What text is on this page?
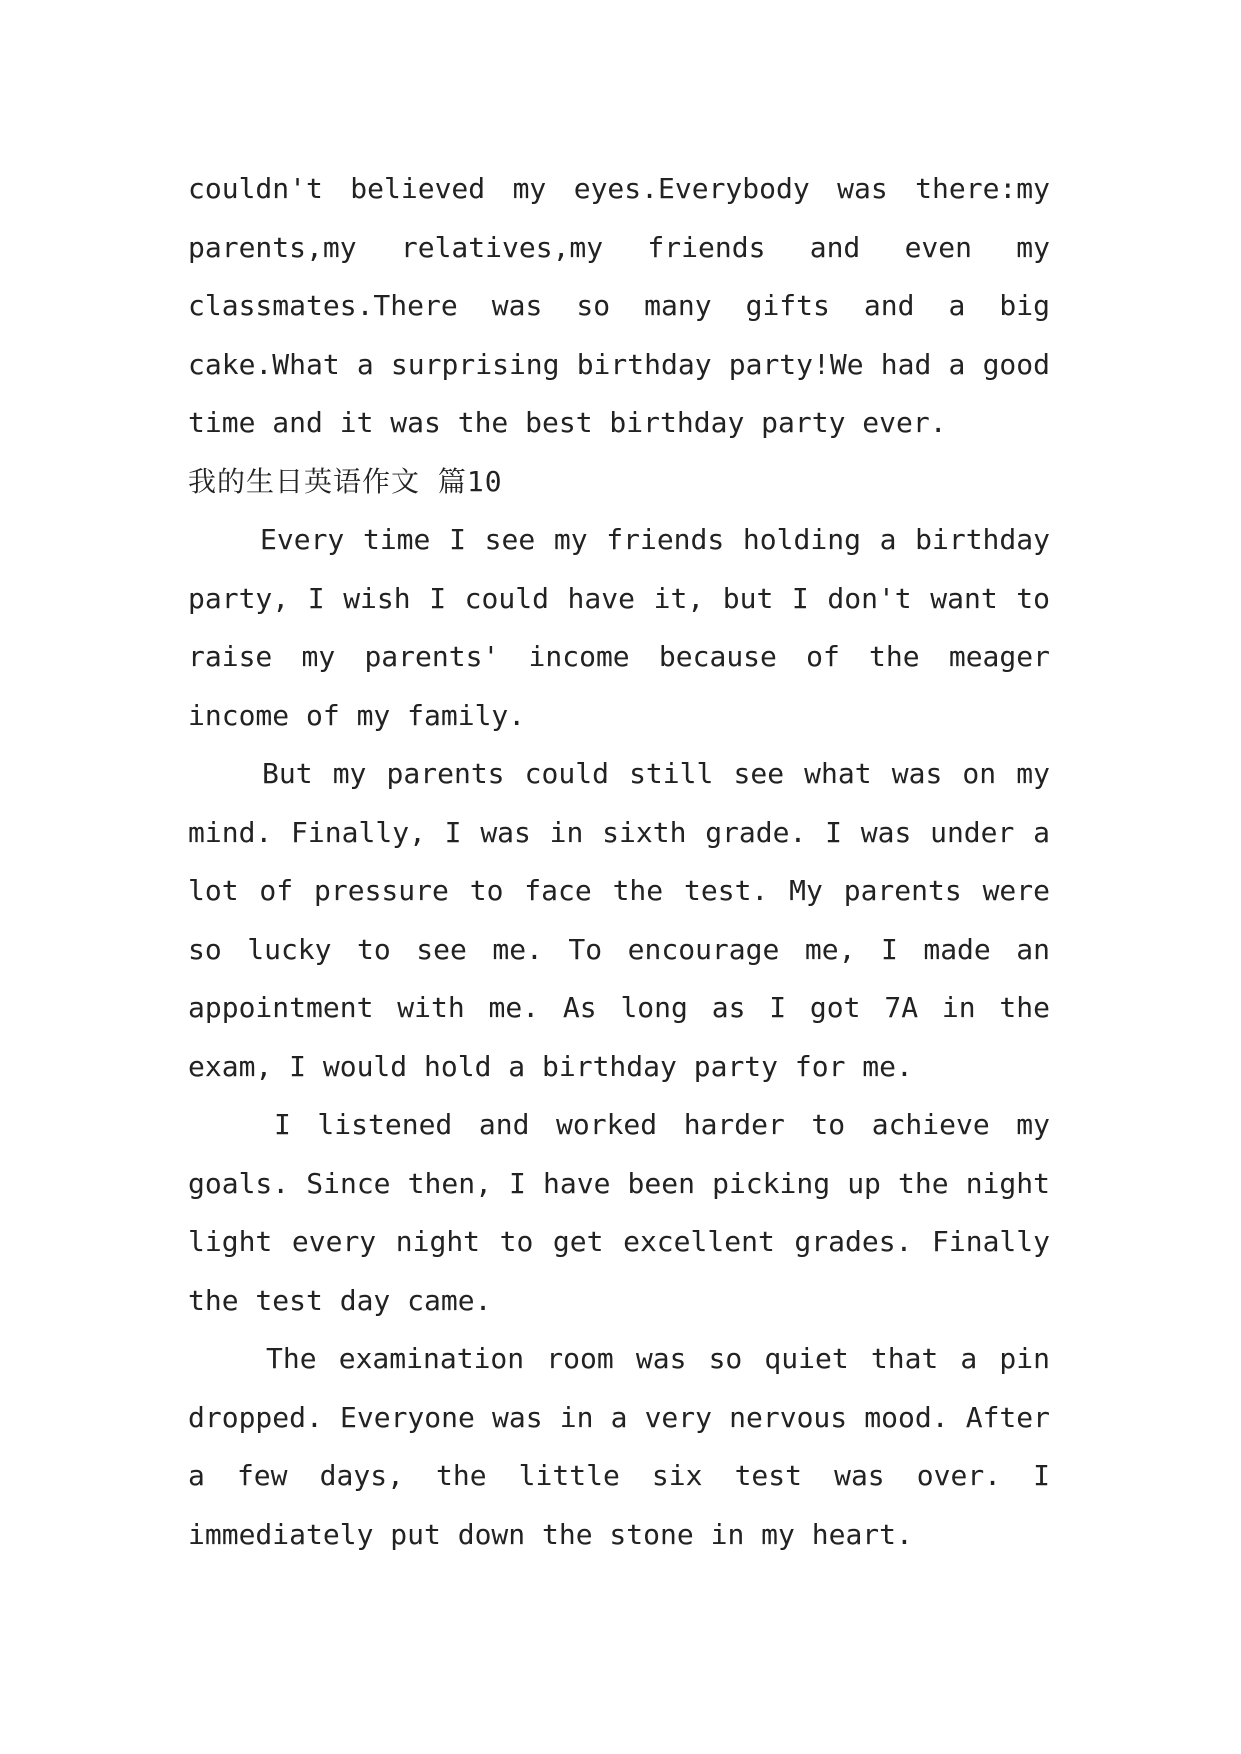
couldn't believed my eyes.Everybody was there:my
parents,my relatives,my friends and even my
classmates.There was so many gifts and a big
cake.What a surprising birthday party!We had a good
time and it was the best birthday party ever.
我的生日英语作文 篇10
Every time I see my friends holding a birthday
party, I wish I could have it, but I don't want to
raise my parents' income because of the meager
income of my family.
But my parents could still see what was on my
mind. Finally, I was in sixth grade. I was under a
lot of pressure to face the test. My parents were
so lucky to see me. To encourage me, I made an
appointment with me. As long as I got 7A in the
exam, I would hold a birthday party for me.
I listened and worked harder to achieve my
goals. Since then, I have been picking up the night
light every night to get excellent grades. Finally
the test day came.
The examination room was so quiet that a pin
dropped. Everyone was in a very nervous mood. After
a few days, the little six test was over. I
immediately put down the stone in my heart.
